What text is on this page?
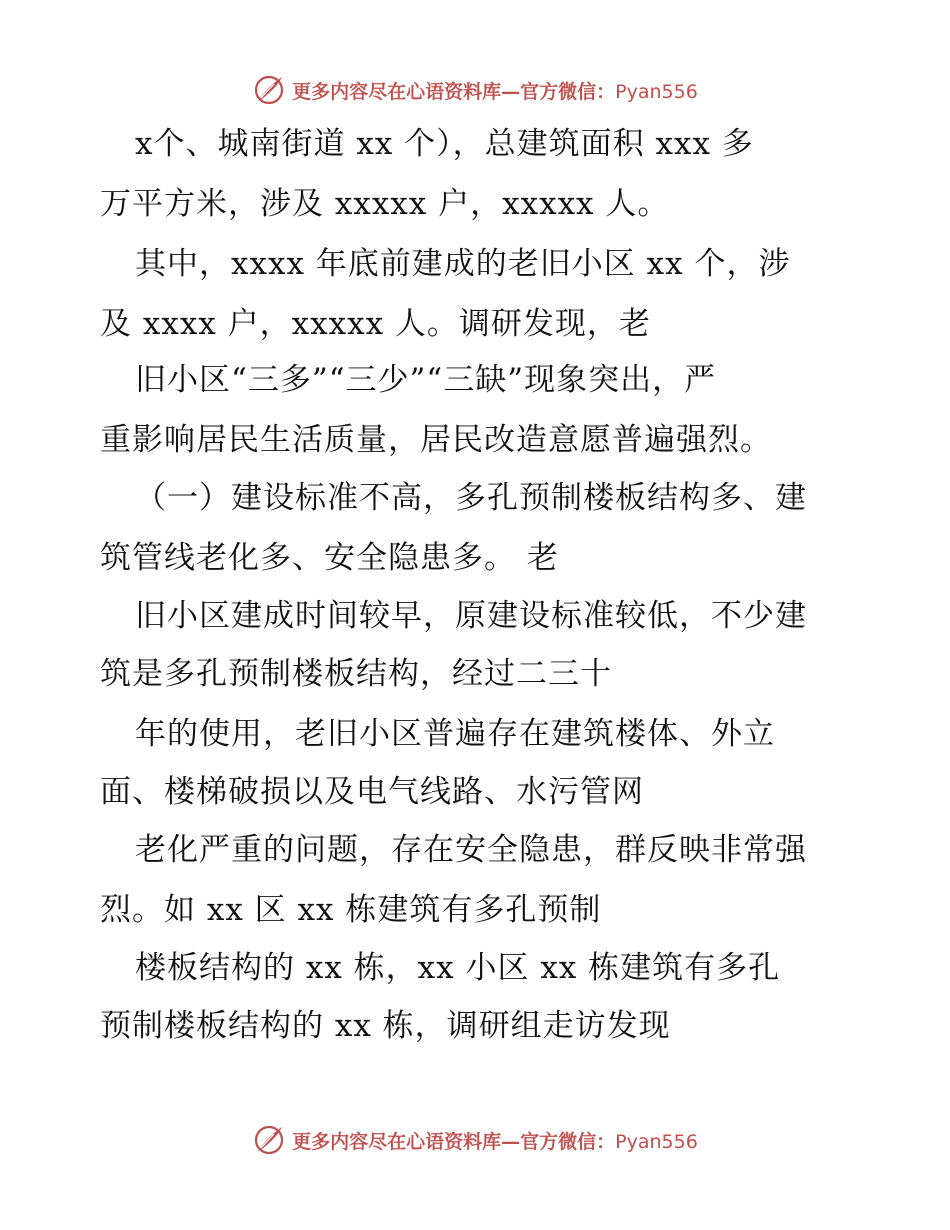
更多内容尽在心语资料库—官方微信：Pyan556
x个、城南街道 xx 个），总建筑面积 xxx 多
万平方米，涉及 xxxxx 户，xxxxx 人。
其中，xxxx 年底前建成的老旧小区 xx 个，涉
及 xxxx 户，xxxxx 人。调研发现，老
旧小区“三多”“三少”“三缺”现象突出，严
重影响居民生活质量，居民改造意愿普遍强烈。
（一）建设标准不高，多孔预制楼板结构多、建
筑管线老化多、安全隐患多。 老
旧小区建成时间较早，原建设标准较低，不少建
筑是多孔预制楼板结构，经过二三十
年的使用，老旧小区普遍存在建筑楼体、外立
面、楼梯破损以及电气线路、水污管网
老化严重的问题，存在安全隐患，群反映非常强
烈。如 xx 区 xx 栋建筑有多孔预制
楼板结构的 xx 栋，xx 小区 xx 栋建筑有多孔
预制楼板结构的 xx 栋，调研组走访发现
更多内容尽在心语资料库—官方微信：Pyan556
